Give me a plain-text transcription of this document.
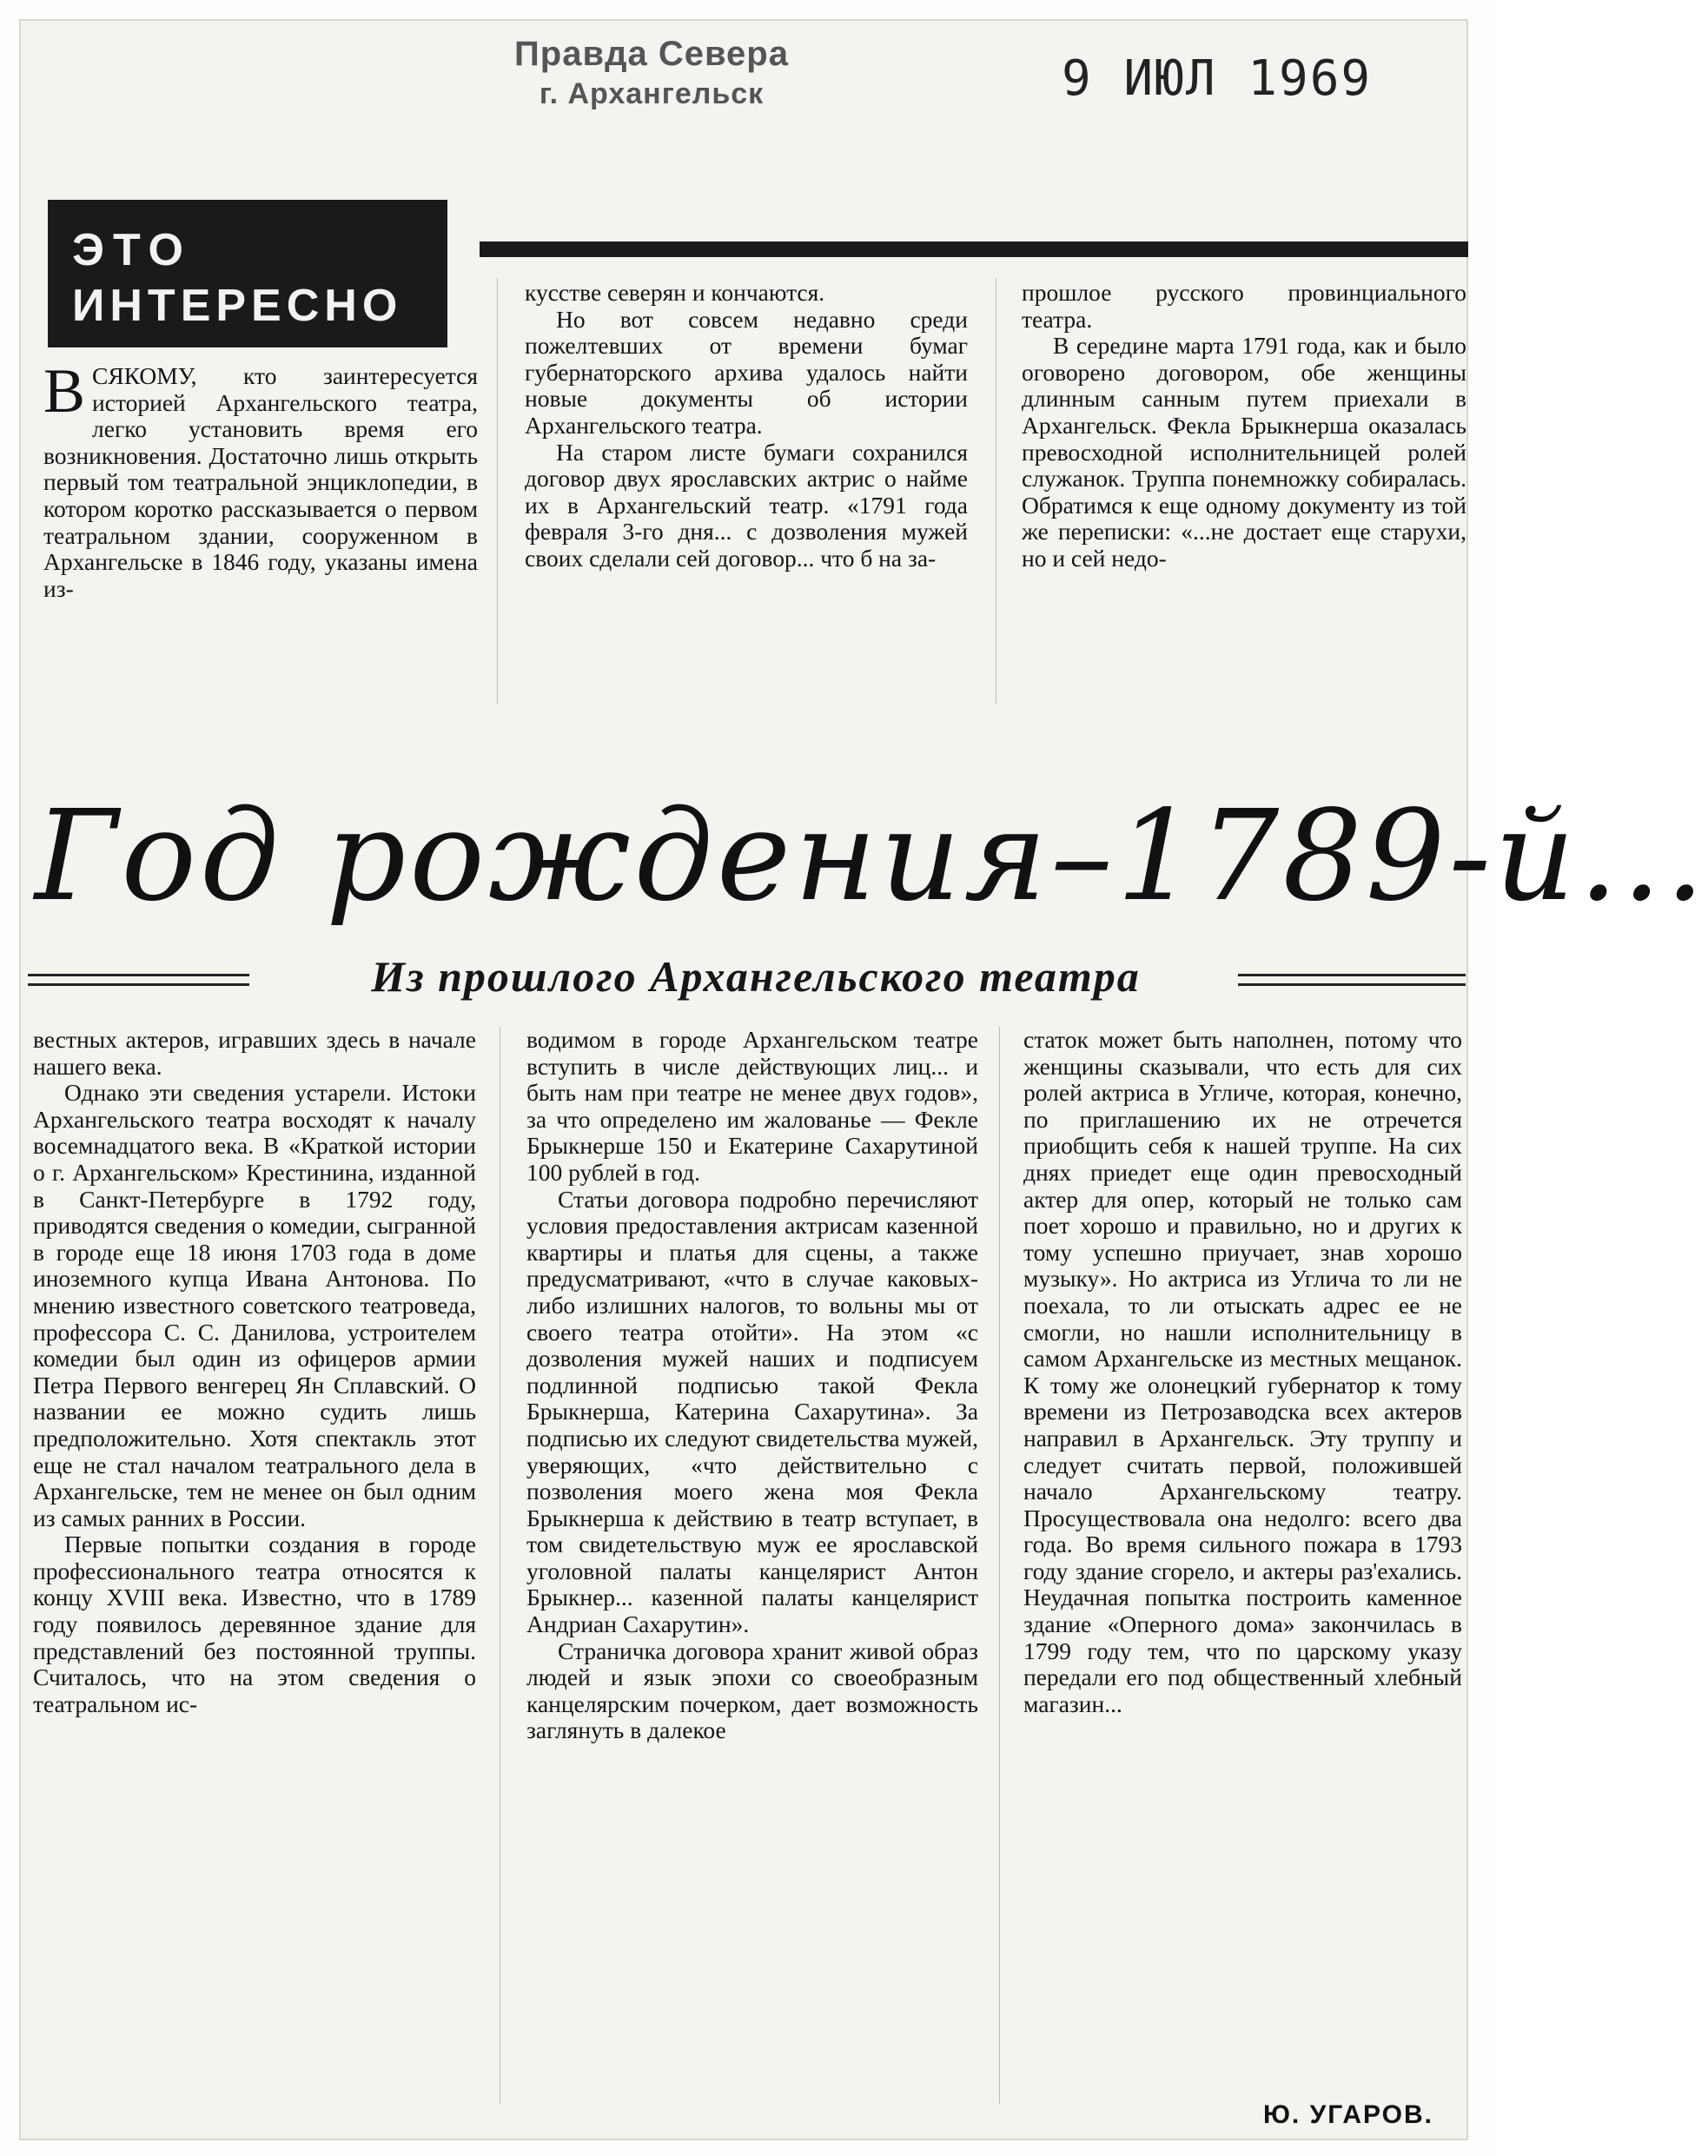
Правда Севера
г. Архангельск	9 ИЮЛ 1969
ЭТО
ИНТЕРЕСНО

ВСЯКОМУ, кто заинтересуется историей Архангельского театра, легко установить время его возникновения. Достаточно лишь открыть первый том театральной энциклопедии, в котором коротко рассказывается о первом театральном здании, сооруженном в Архангельске в 1846 году, указаны имена из-

кусстве северян и кончаются.

Но вот совсем недавно среди пожелтевших от времени бумаг губернаторского архива удалось найти новые документы об истории Архангельского театра.

На старом листе бумаги сохранился договор двух ярославских актрис о найме их в Архангельский театр. «1791 года февраля 3-го дня... с дозволения мужей своих сделали сей договор... что б на за-

прошлое русского провинциального театра.

В середине марта 1791 года, как и было оговорено договором, обе женщины длинным санным путем приехали в Архангельск. Фекла Брыкнерша оказалась превосходной исполнительницей ролей служанок. Труппа понемножку собиралась. Обратимся к еще одному документу из той же переписки: «...не достает еще старухи, но и сей недо-

Год рождения–1789-й...
Из прошлого Архангельского театра

вестных актеров, игравших здесь в начале нашего века.

Однако эти сведения устарели. Истоки Архангельского театра восходят к началу восемнадцатого века. В «Краткой истории о г. Архангельском» Крестинина, изданной в Санкт-Петербурге в 1792 году, приводятся сведения о комедии, сыгранной в городе еще 18 июня 1703 года в доме иноземного купца Ивана Антонова. По мнению известного советского театроведа, профессора С. С. Данилова, устроителем комедии был один из офицеров армии Петра Первого венгерец Ян Сплавский. О названии ее можно судить лишь предположительно. Хотя спектакль этот еще не стал началом театрального дела в Архангельске, тем не менее он был одним из самых ранних в России.

Первые попытки создания в городе профессионального театра относятся к концу XVIII века. Известно, что в 1789 году появилось деревянное здание для представлений без постоянной труппы. Считалось, что на этом сведения о театральном ис-

водимом в городе Архангельском театре вступить в числе действующих лиц... и быть нам при театре не менее двух годов», за что определено им жалованье — Фекле Брыкнерше 150 и Екатерине Сахарутиной 100 рублей в год.

Статьи договора подробно перечисляют условия предоставления актрисам казенной квартиры и платья для сцены, а также предусматривают, «что в случае каковых-либо излишних налогов, то вольны мы от своего театра отойти». На этом «с дозволения мужей наших и подписуем подлинной подписью такой Фекла Брыкнерша, Катерина Сахарутина». За подписью их следуют свидетельства мужей, уверяющих, «что действительно с позволения моего жена моя Фекла Брыкнерша к действию в театр вступает, в том свидетельствую муж ее ярославской уголовной палаты канцелярист Антон Брыкнер... казенной палаты канцелярист Андриан Сахарутин».

Страничка договора хранит живой образ людей и язык эпохи со своеобразным канцелярским почерком, дает возможность заглянуть в далекое

статок может быть наполнен, потому что женщины сказывали, что есть для сих ролей актриса в Угличе, которая, конечно, по приглашению их не отречется приобщить себя к нашей труппе. На сих днях приедет еще один превосходный актер для опер, который не только сам поет хорошо и правильно, но и других к тому успешно приучает, знав хорошо музыку». Но актриса из Углича то ли не поехала, то ли отыскать адрес ее не смогли, но нашли исполнительницу в самом Архангельске из местных мещанок. К тому же олонецкий губернатор к тому времени из Петрозаводска всех актеров направил в Архангельск. Эту труппу и следует считать первой, положившей начало Архангельскому театру. Просуществовала она недолго: всего два года. Во время сильного пожара в 1793 году здание сгорело, и актеры раз'ехались. Неудачная попытка построить каменное здание «Оперного дома» закончилась в 1799 году тем, что по царскому указу передали его под общественный хлебный магазин...

Ю. УГАРОВ.
